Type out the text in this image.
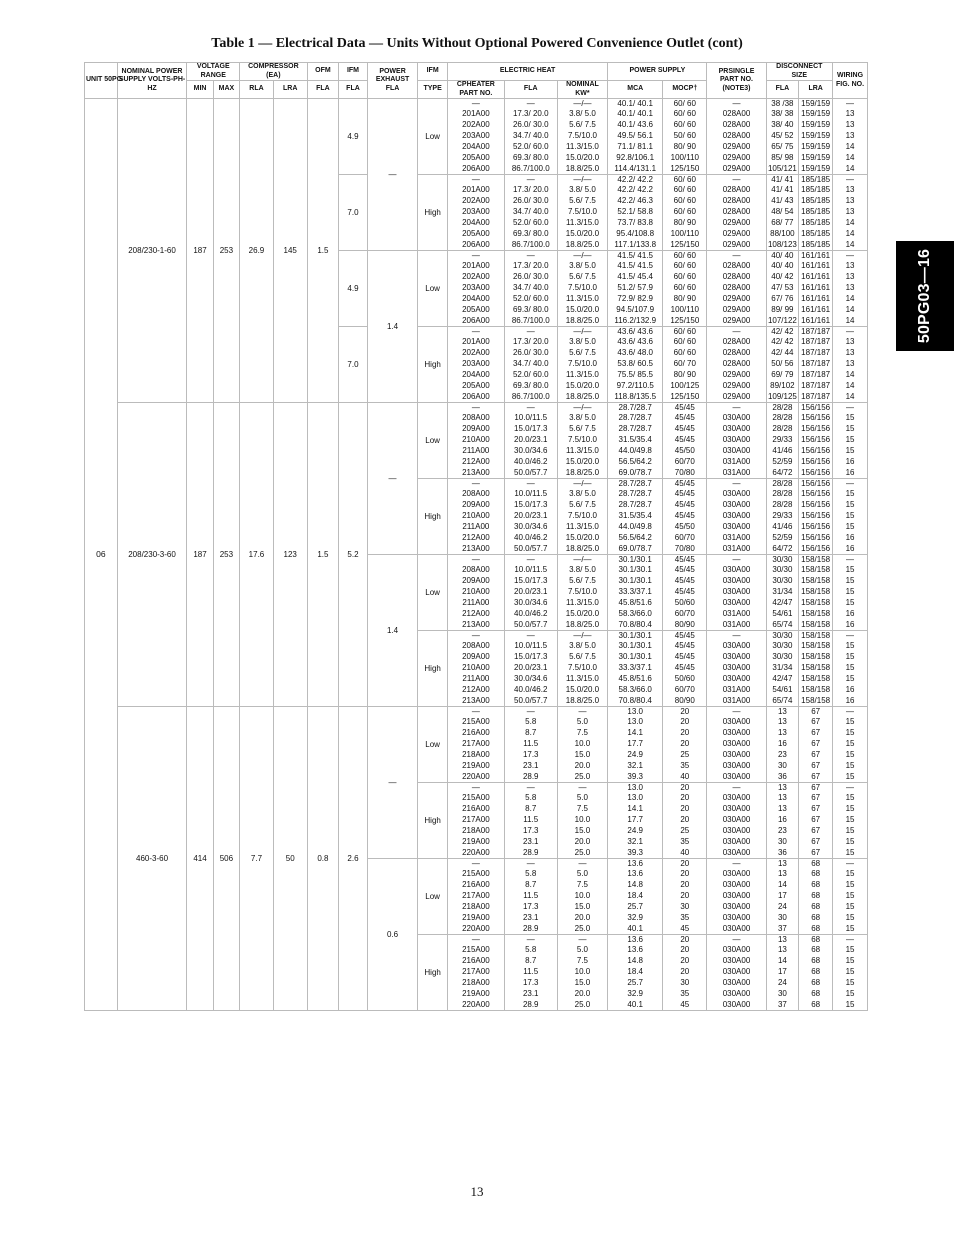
Table 1 — Electrical Data — Units Without Optional Powered Convenience Outlet (cont)
50PG03—16
UNIT 50PG	NOMINAL POWER SUPPLY VOLTS-PH-HZ	VOLTAGE RANGE		COMPRESSOR (EA)		OFM	IFM	POWER EXHAUST FLA	IFM	ELECTRIC HEAT			POWER SUPPLY		PRSINGLE PART NO. (NOTE3)	DISCONNECT SIZE		WIRING FIG. NO.
		MIN	MAX	RLA	LRA	FLA	FLA		TYPE	CPHEATER PART NO.	FLA	NOMINAL KW*	MCA	MOCP†		FLA	LRA	
06	208/230-1-60	187	253	26.9	145	1.5	4.9	—	Low	—	—	—/—	40.1/ 40.1	60/ 60	—	38 /38	159/159	—
										201A00	17.3/ 20.0	3.8/ 5.0	40.1/ 40.1	60/ 60	028A00	38/ 38	159/159	13
										202A00	26.0/ 30.0	5.6/ 7.5	40.1/ 43.6	60/ 60	028A00	38/ 40	159/159	13
										203A00	34.7/ 40.0	7.5/10.0	49.5/ 56.1	50/ 60	028A00	45/ 52	159/159	13
										204A00	52.0/ 60.0	11.3/15.0	71.1/ 81.1	80/ 90	029A00	65/ 75	159/159	14
										205A00	69.3/ 80.0	15.0/20.0	92.8/106.1	100/110	029A00	85/ 98	159/159	14
										206A00	86.7/100.0	18.8/25.0	114.4/131.1	125/150	029A00	105/121	159/159	14
							7.0		High	—	—	—/—	42.2/ 42.2	60/ 60	—	41/ 41	185/185	—
										201A00	17.3/ 20.0	3.8/ 5.0	42.2/ 42.2	60/ 60	028A00	41/ 41	185/185	13
										202A00	26.0/ 30.0	5.6/ 7.5	42.2/ 46.3	60/ 60	028A00	41/ 43	185/185	13
										203A00	34.7/ 40.0	7.5/10.0	52.1/ 58.8	60/ 60	028A00	48/ 54	185/185	13
										204A00	52.0/ 60.0	11.3/15.0	73.7/ 83.8	80/ 90	029A00	68/ 77	185/185	14
										205A00	69.3/ 80.0	15.0/20.0	95.4/108.8	100/110	029A00	88/100	185/185	14
										206A00	86.7/100.0	18.8/25.0	117.1/133.8	125/150	029A00	108/123	185/185	14
							4.9	1.4	Low	—	—	—/—	41.5/ 41.5	60/ 60	—	40/ 40	161/161	—
										201A00	17.3/ 20.0	3.8/ 5.0	41.5/ 41.5	60/ 60	028A00	40/ 40	161/161	13
										202A00	26.0/ 30.0	5.6/ 7.5	41.5/ 45.4	60/ 60	028A00	40/ 42	161/161	13
										203A00	34.7/ 40.0	7.5/10.0	51.2/ 57.9	60/ 60	028A00	47/ 53	161/161	13
										204A00	52.0/ 60.0	11.3/15.0	72.9/ 82.9	80/ 90	029A00	67/ 76	161/161	14
										205A00	69.3/ 80.0	15.0/20.0	94.5/107.9	100/110	029A00	89/ 99	161/161	14
										206A00	86.7/100.0	18.8/25.0	116.2/132.9	125/150	029A00	107/122	161/161	14
							7.0		High	—	—	—/—	43.6/ 43.6	60/ 60	—	42/ 42	187/187	—
										201A00	17.3/ 20.0	3.8/ 5.0	43.6/ 43.6	60/ 60	028A00	42/ 42	187/187	13
										202A00	26.0/ 30.0	5.6/ 7.5	43.6/ 48.0	60/ 60	028A00	42/ 44	187/187	13
										203A00	34.7/ 40.0	7.5/10.0	53.8/ 60.5	60/ 70	028A00	50/ 56	187/187	13
										204A00	52.0/ 60.0	11.3/15.0	75.5/ 85.5	80/ 90	029A00	69/ 79	187/187	14
										205A00	69.3/ 80.0	15.0/20.0	97.2/110.5	100/125	029A00	89/102	187/187	14
										206A00	86.7/100.0	18.8/25.0	118.8/135.5	125/150	029A00	109/125	187/187	14
	208/230-3-60	187	253	17.6	123	1.5	5.2	—	Low	—	—	—/—	28.7/28.7	45/45	—	28/28	156/156	—
										208A00	10.0/11.5	3.8/ 5.0	28.7/28.7	45/45	030A00	28/28	156/156	15
										209A00	15.0/17.3	5.6/ 7.5	28.7/28.7	45/45	030A00	28/28	156/156	15
										210A00	20.0/23.1	7.5/10.0	31.5/35.4	45/45	030A00	29/33	156/156	15
										211A00	30.0/34.6	11.3/15.0	44.0/49.8	45/50	030A00	41/46	156/156	15
										212A00	40.0/46.2	15.0/20.0	56.5/64.2	60/70	031A00	52/59	156/156	16
										213A00	50.0/57.7	18.8/25.0	69.0/78.7	70/80	031A00	64/72	156/156	16
									High	—	—	—/—	28.7/28.7	45/45	—	28/28	156/156	—
										208A00	10.0/11.5	3.8/ 5.0	28.7/28.7	45/45	030A00	28/28	156/156	15
										209A00	15.0/17.3	5.6/ 7.5	28.7/28.7	45/45	030A00	28/28	156/156	15
										210A00	20.0/23.1	7.5/10.0	31.5/35.4	45/45	030A00	29/33	156/156	15
										211A00	30.0/34.6	11.3/15.0	44.0/49.8	45/50	030A00	41/46	156/156	15
										212A00	40.0/46.2	15.0/20.0	56.5/64.2	60/70	031A00	52/59	156/156	16
										213A00	50.0/57.7	18.8/25.0	69.0/78.7	70/80	031A00	64/72	156/156	16
								1.4	Low	—	—	—/—	30.1/30.1	45/45	—	30/30	158/158	—
										208A00	10.0/11.5	3.8/ 5.0	30.1/30.1	45/45	030A00	30/30	158/158	15
										209A00	15.0/17.3	5.6/ 7.5	30.1/30.1	45/45	030A00	30/30	158/158	15
										210A00	20.0/23.1	7.5/10.0	33.3/37.1	45/45	030A00	31/34	158/158	15
										211A00	30.0/34.6	11.3/15.0	45.8/51.6	50/60	030A00	42/47	158/158	15
										212A00	40.0/46.2	15.0/20.0	58.3/66.0	60/70	031A00	54/61	158/158	16
										213A00	50.0/57.7	18.8/25.0	70.8/80.4	80/90	031A00	65/74	158/158	16
									High	—	—	—/—	30.1/30.1	45/45	—	30/30	158/158	—
										208A00	10.0/11.5	3.8/ 5.0	30.1/30.1	45/45	030A00	30/30	158/158	15
										209A00	15.0/17.3	5.6/ 7.5	30.1/30.1	45/45	030A00	30/30	158/158	15
										210A00	20.0/23.1	7.5/10.0	33.3/37.1	45/45	030A00	31/34	158/158	15
										211A00	30.0/34.6	11.3/15.0	45.8/51.6	50/60	030A00	42/47	158/158	15
										212A00	40.0/46.2	15.0/20.0	58.3/66.0	60/70	031A00	54/61	158/158	16
										213A00	50.0/57.7	18.8/25.0	70.8/80.4	80/90	031A00	65/74	158/158	16
	460-3-60	414	506	7.7	50	0.8	2.6	—	Low	—	—	—	13.0	20	—	13	67	—
										215A00	5.8	5.0	13.0	20	030A00	13	67	15
										216A00	8.7	7.5	14.1	20	030A00	13	67	15
										217A00	11.5	10.0	17.7	20	030A00	16	67	15
										218A00	17.3	15.0	24.9	25	030A00	23	67	15
										219A00	23.1	20.0	32.1	35	030A00	30	67	15
										220A00	28.9	25.0	39.3	40	030A00	36	67	15
									High	—	—	—	13.0	20	—	13	67	—
										215A00	5.8	5.0	13.0	20	030A00	13	67	15
										216A00	8.7	7.5	14.1	20	030A00	13	67	15
										217A00	11.5	10.0	17.7	20	030A00	16	67	15
										218A00	17.3	15.0	24.9	25	030A00	23	67	15
										219A00	23.1	20.0	32.1	35	030A00	30	67	15
										220A00	28.9	25.0	39.3	40	030A00	36	67	15
								0.6	Low	—	—	—	13.6	20	—	13	68	—
										215A00	5.8	5.0	13.6	20	030A00	13	68	15
										216A00	8.7	7.5	14.8	20	030A00	14	68	15
										217A00	11.5	10.0	18.4	20	030A00	17	68	15
										218A00	17.3	15.0	25.7	30	030A00	24	68	15
										219A00	23.1	20.0	32.9	35	030A00	30	68	15
										220A00	28.9	25.0	40.1	45	030A00	37	68	15
									High	—	—	—	13.6	20	—	13	68	—
										215A00	5.8	5.0	13.6	20	030A00	13	68	15
										216A00	8.7	7.5	14.8	20	030A00	14	68	15
										217A00	11.5	10.0	18.4	20	030A00	17	68	15
										218A00	17.3	15.0	25.7	30	030A00	24	68	15
										219A00	23.1	20.0	32.9	35	030A00	30	68	15
										220A00	28.9	25.0	40.1	45	030A00	37	68	15
13
